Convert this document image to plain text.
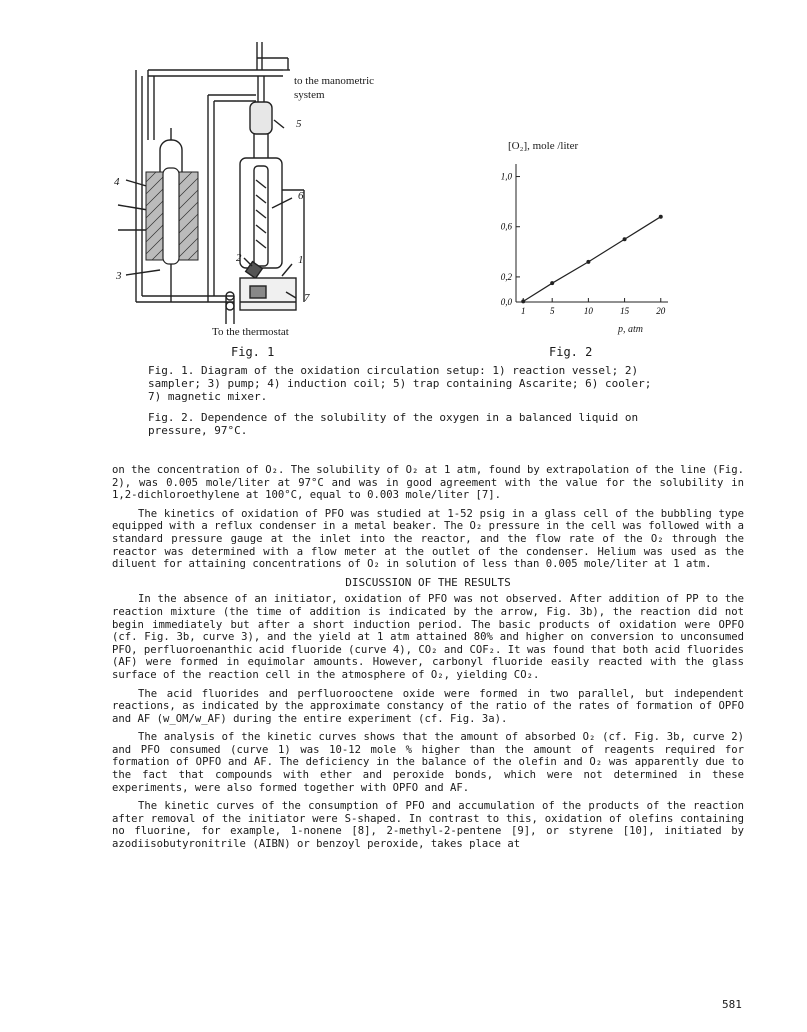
4
3
5
6
1
2
7
to the manometric system
To the thermostat
Fig. 1
1	5	10	15	20
1,0
0,6
0,2
0,0
[O₂], mole /liter
p, atm
Fig. 2

Fig. 1. Diagram of the oxidation circulation setup: 1) reaction vessel; 2) sampler; 3) pump; 4) induction coil; 5) trap containing Ascarite; 6) cooler; 7) magnetic mixer.

Fig. 2. Dependence of the solubility of the oxygen in a balanced liquid on pressure, 97°C.

on the concentration of O₂. The solubility of O₂ at 1 atm, found by extrapolation of the line (Fig. 2), was 0.005 mole/liter at 97°C and was in good agreement with the value for the solubility in 1,2-dichloroethylene at 100°C, equal to 0.003 mole/liter [7].

The kinetics of oxidation of PFO was studied at 1-52 psig in a glass cell of the bubbling type equipped with a reflux condenser in a metal beaker. The O₂ pressure in the cell was followed with a standard pressure gauge at the inlet into the reactor, and the flow rate of the O₂ through the reactor was determined with a flow meter at the outlet of the condenser. Helium was used as the diluent for attaining concentrations of O₂ in solution of less than 0.005 mole/liter at 1 atm.

DISCUSSION OF THE RESULTS

In the absence of an initiator, oxidation of PFO was not observed. After addition of PP to the reaction mixture (the time of addition is indicated by the arrow, Fig. 3b), the reaction did not begin immediately but after a short induction period. The basic products of oxidation were OPFO (cf. Fig. 3b, curve 3), and the yield at 1 atm attained 80% and higher on conversion to unconsumed PFO, perfluoroenanthic acid fluoride (curve 4), CO₂ and COF₂. It was found that both acid fluorides (AF) were formed in equimolar amounts. However, carbonyl fluoride easily reacted with the glass surface of the reaction cell in the atmosphere of O₂, yielding CO₂.

The acid fluorides and perfluorooctene oxide were formed in two parallel, but independent reactions, as indicated by the approximate constancy of the ratio of the rates of formation of OPFO and AF (w_OM/w_AF) during the entire experiment (cf. Fig. 3a).

The analysis of the kinetic curves shows that the amount of absorbed O₂ (cf. Fig. 3b, curve 2) and PFO consumed (curve 1) was 10-12 mole % higher than the amount of reagents required for formation of OPFO and AF. The deficiency in the balance of the olefin and O₂ was apparently due to the fact that compounds with ether and peroxide bonds, which were not determined in these experiments, were also formed together with OPFO and AF.

The kinetic curves of the consumption of PFO and accumulation of the products of the reaction after removal of the initiator were S-shaped. In contrast to this, oxidation of olefins containing no fluorine, for example, 1-nonene [8], 2-methyl-2-pentene [9], or styrene [10], initiated by azodiisobutyronitrile (AIBN) or benzoyl peroxide, takes place at

581
